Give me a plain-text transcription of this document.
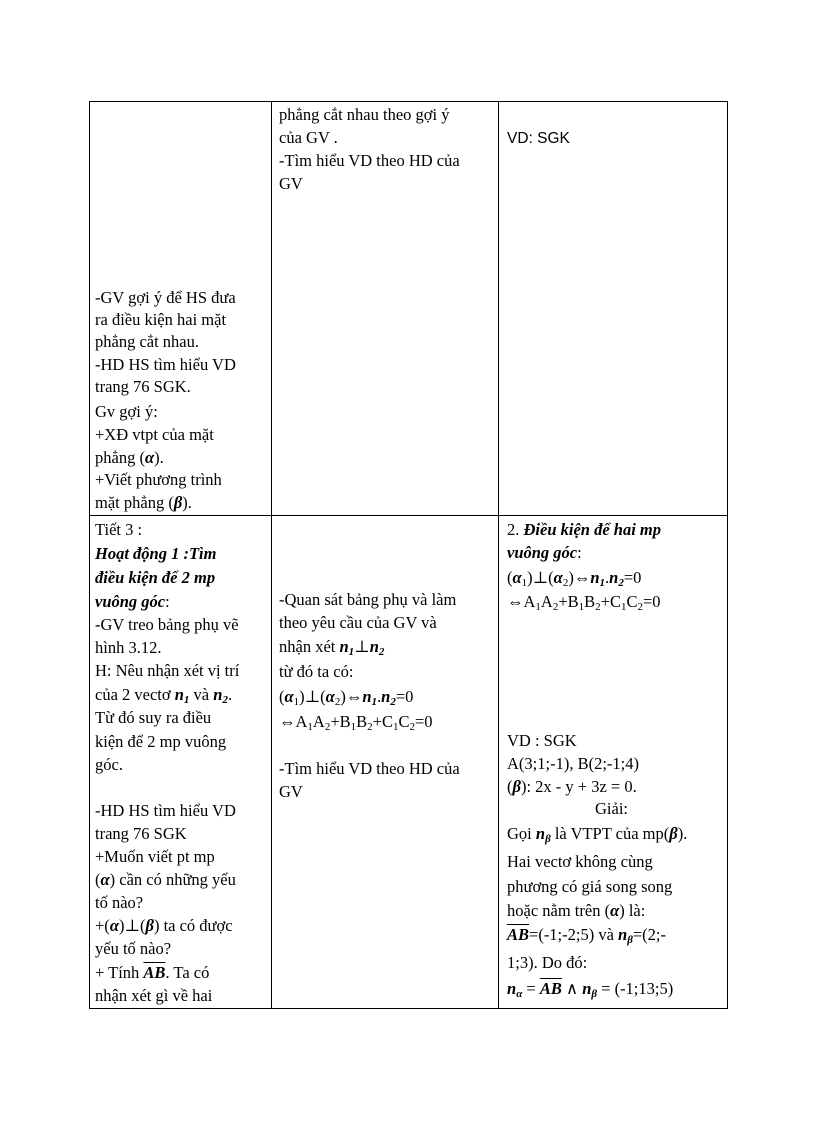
-GV gợi ý để HS đưa
ra điều kiện hai mặt
phẳng cắt nhau.
-HD HS tìm hiểu VD
trang 76 SGK.
Gv gợi ý:
+XĐ vtpt của mặt
phẳng (α).
+Viết phương trình
mặt phẳng (β).
phẳng cắt nhau theo gợi ý
của GV .
-Tìm hiểu VD theo HD của
GV
VD: SGK
Tiết 3 :
Hoạt động 1 :Tìm
điều kiện để 2 mp
vuông góc:
-GV treo bảng phụ vẽ
hình 3.12.
H: Nêu nhận xét vị trí
của 2 vectơ $n_1$ và $n_2$.
Từ đó suy ra điều
kiện để 2 mp vuông
góc.
-HD HS tìm hiểu VD
trang 76 SGK
+Muốn viết pt mp
(α) cần có những yếu
tố nào?
+(α)⊥(β) ta có được
yếu tố nào?
+ Tính $\overline{AB}$. Ta có
nhận xét gì về hai
-Quan sát bảng phụ và làm
theo yêu cầu của GV và
nhận xét $n_1\perp n_2$
từ đó ta có:
$(\alpha_1)\perp(\alpha_2)\Leftrightarrow n_1.n_2=0$
$\Leftrightarrow A_1A_2+B_1B_2+C_1C_2=0$
-Tìm hiểu VD theo HD của
GV
2. Điều kiện để hai mp
vuông góc:
$(\alpha_1)\perp(\alpha_2)\Leftrightarrow n_1.n_2=0$
$\Leftrightarrow A_1A_2+B_1B_2+C_1C_2=0$
VD : SGK
A(3;1;-1), B(2;-1;4)
(β): 2x - y + 3z = 0.
Giải:
Gọi $n_\beta$ là VTPT của mp(β).
Hai vectơ không cùng
phương có giá song song
hoặc nằm trên (α) là:
$\overline{AB}=(-1;-2;5)$ và $n_\beta=(2;-$
1;3). Do đó:
$n_\alpha = \overline{AB}$ ∧ $n_\beta$ = (-1;13;5)
